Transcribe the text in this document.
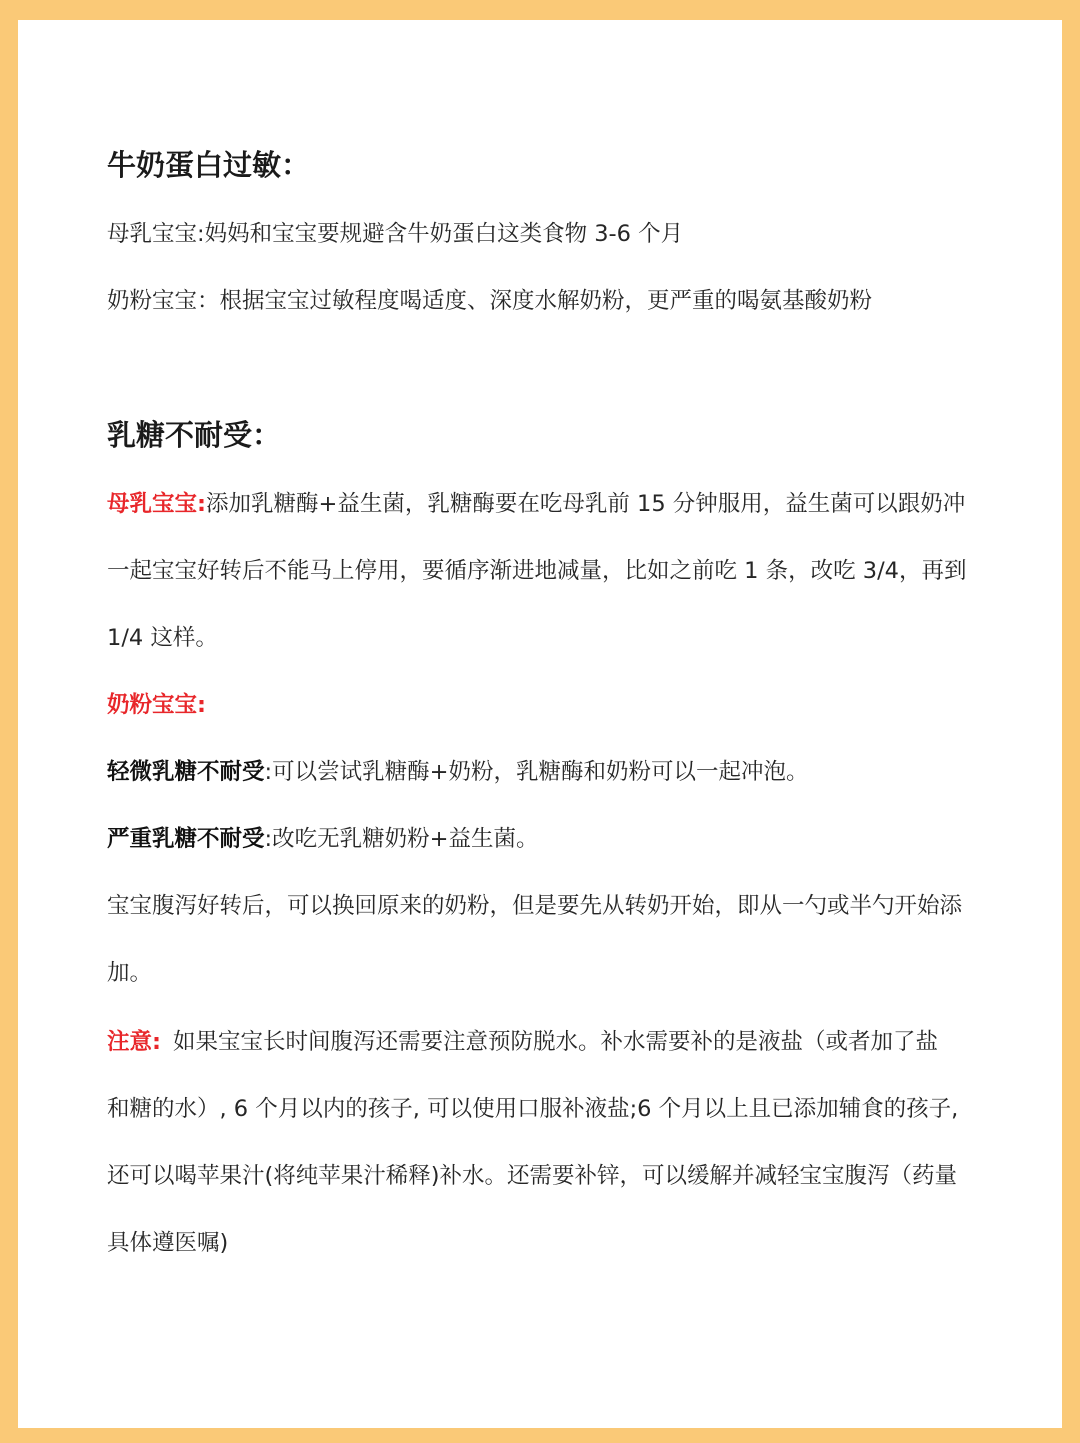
牛奶蛋白过敏：
母乳宝宝:妈妈和宝宝要规避含牛奶蛋白这类食物 3-6 个月
奶粉宝宝：根据宝宝过敏程度喝适度、深度水解奶粉，更严重的喝氨基酸奶粉
乳糖不耐受：
母乳宝宝:添加乳糖酶+益生菌，乳糖酶要在吃母乳前 15 分钟服用，益生菌可以跟奶冲
一起宝宝好转后不能马上停用，要循序渐进地减量，比如之前吃 1 条，改吃 3/4，再到
1/4 这样。
奶粉宝宝:
轻微乳糖不耐受:可以尝试乳糖酶+奶粉，乳糖酶和奶粉可以一起冲泡。
严重乳糖不耐受:改吃无乳糖奶粉+益生菌。
宝宝腹泻好转后，可以换回原来的奶粉，但是要先从转奶开始，即从一勺或半勺开始添
加。
注意: 如果宝宝长时间腹泻还需要注意预防脱水。补水需要补的是液盐（或者加了盐
和糖的水）, 6 个月以内的孩子, 可以使用口服补液盐;6 个月以上且已添加辅食的孩子,
还可以喝苹果汁(将纯苹果汁稀释)补水。还需要补锌，可以缓解并减轻宝宝腹泻（药量
具体遵医嘱)
